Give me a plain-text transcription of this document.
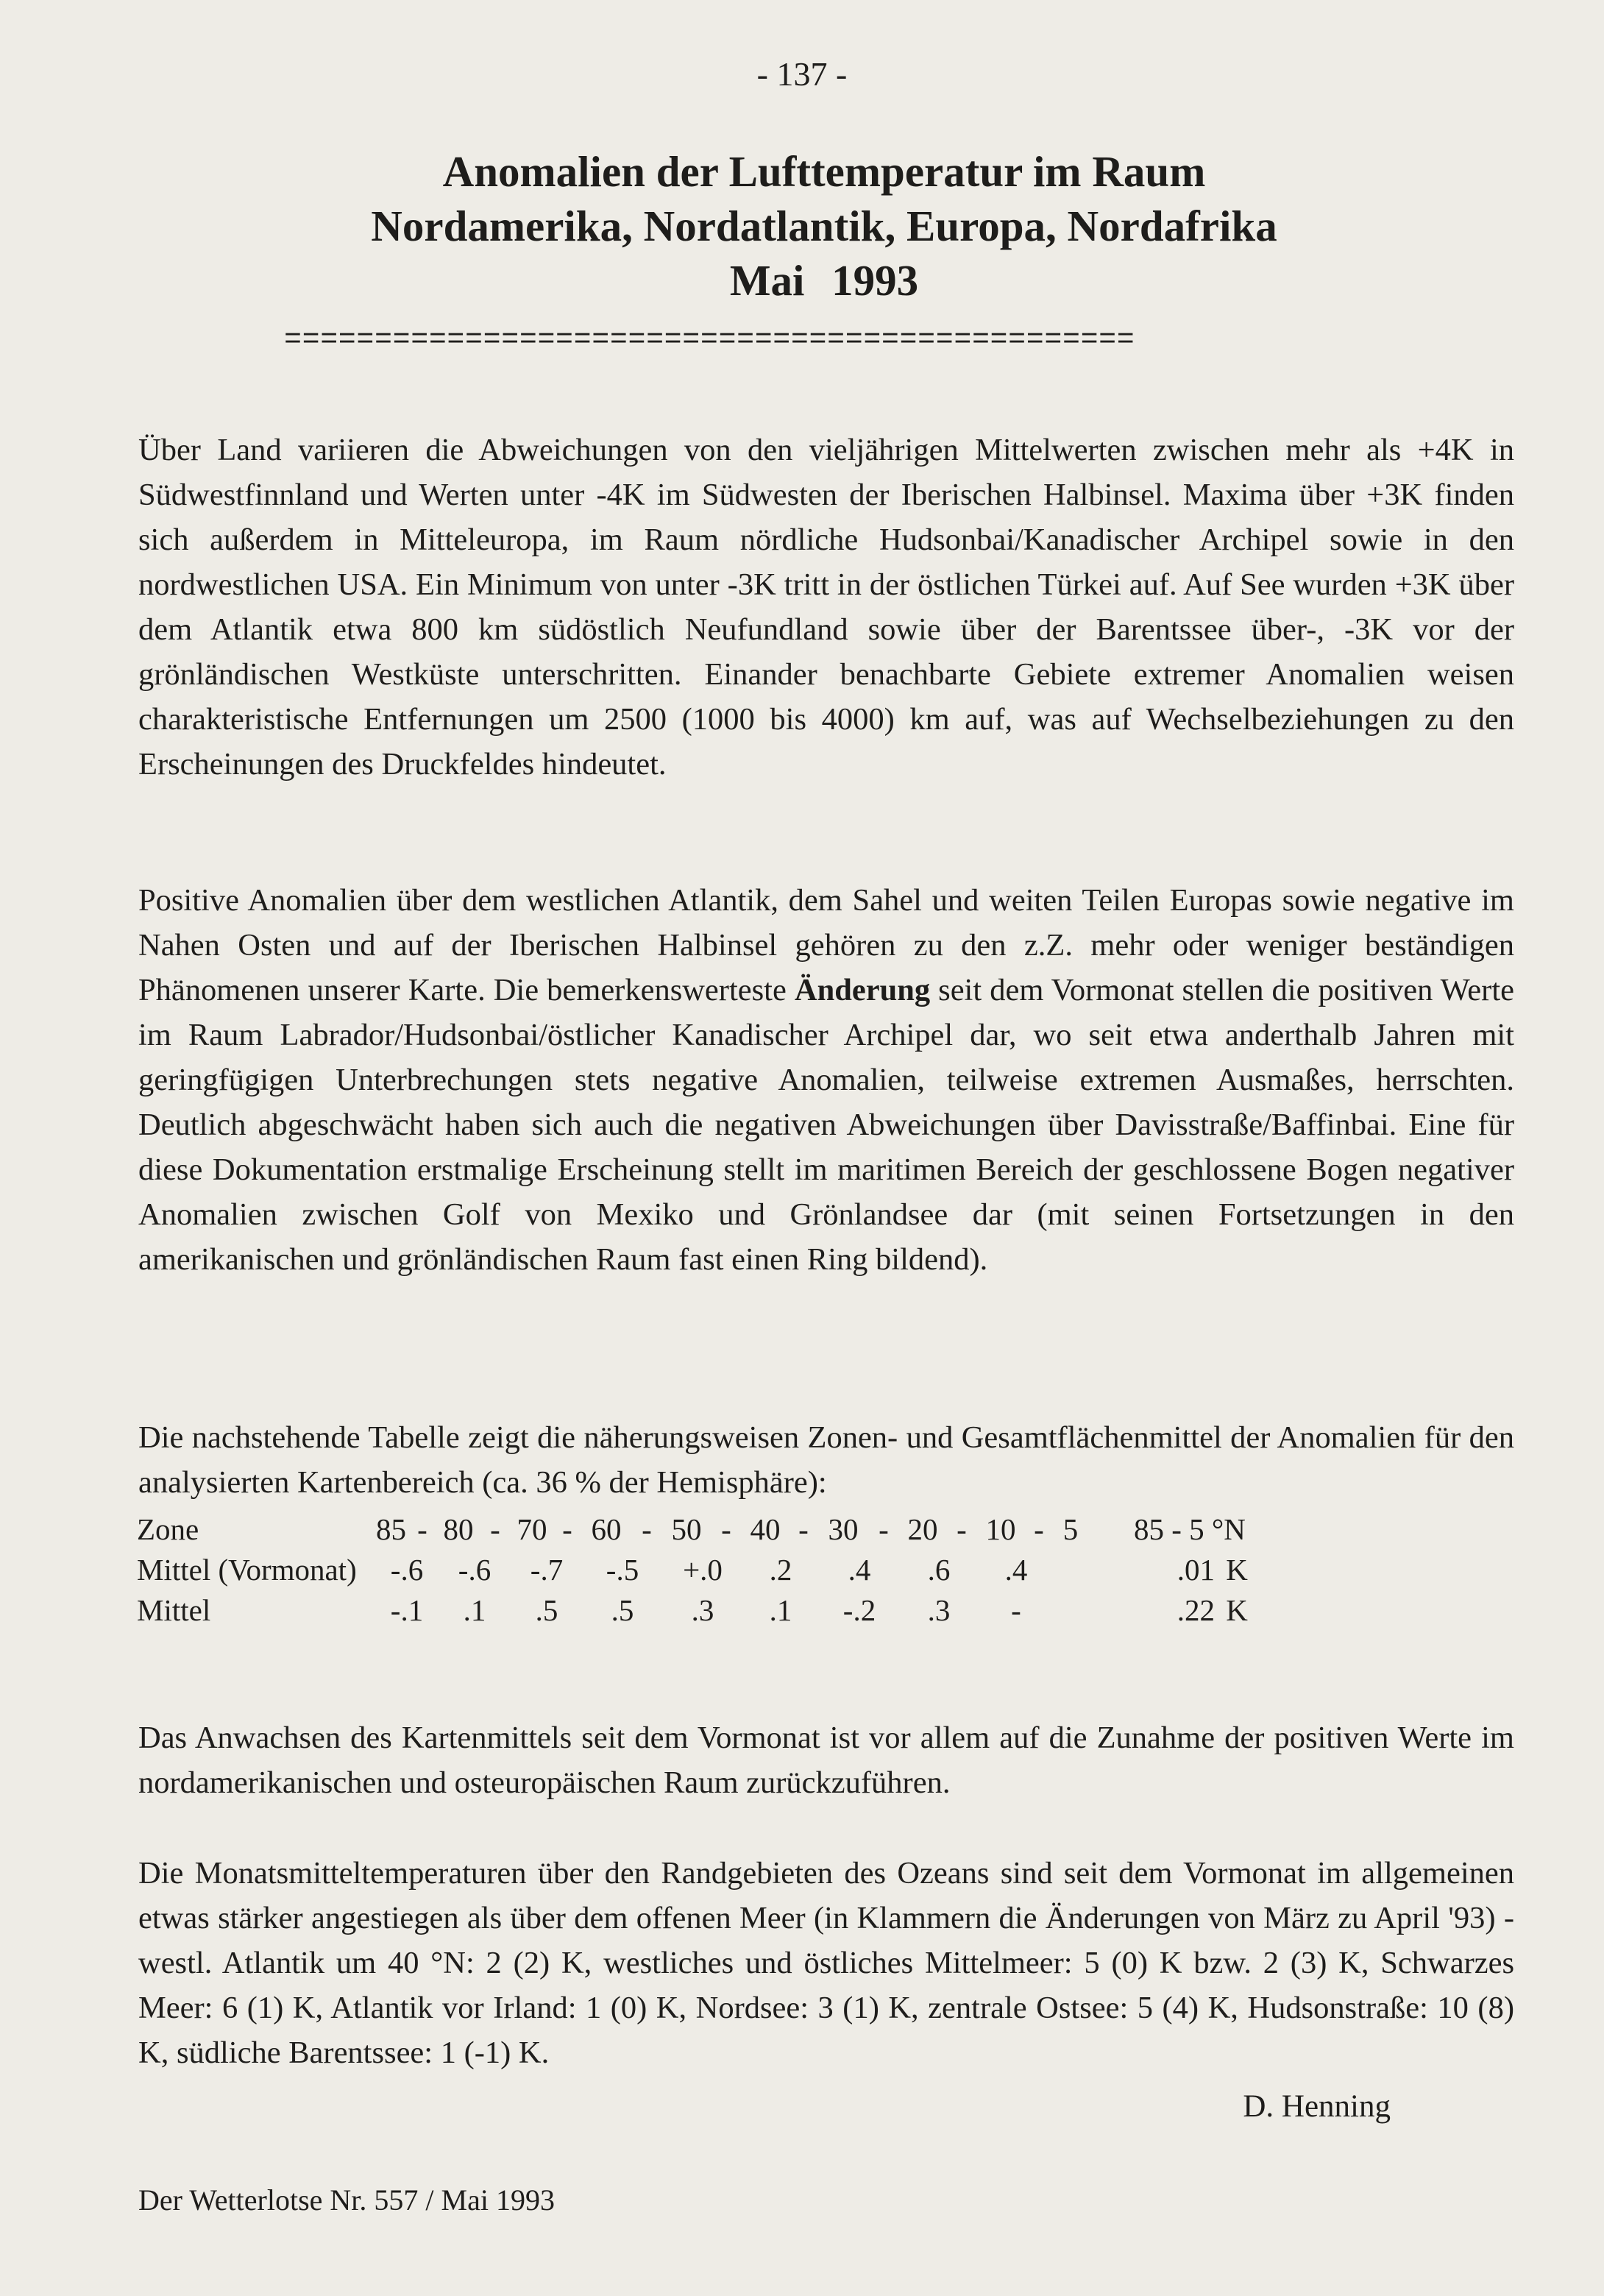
- 137 -
Anomalien der Lufttemperatur im Raum
Nordamerika, Nordatlantik, Europa, Nordafrika
Mai 1993
===============================================

Über Land variieren die Abweichungen von den vieljährigen Mittelwerten zwischen mehr als +4K in Südwestfinnland und Werten unter -4K im Südwesten der Iberischen Halbinsel. Maxima über +3K finden sich außerdem in Mitteleuropa, im Raum nördliche Hudsonbai/Kanadischer Archipel sowie in den nordwestlichen USA. Ein Minimum von unter -3K tritt in der östlichen Türkei auf. Auf See wurden +3K über dem Atlantik etwa 800 km südöstlich Neufundland sowie über der Barentssee über-, -3K vor der grönländischen Westküste unterschritten. Einander benachbarte Gebiete extremer Anomalien weisen charakteristische Entfernungen um 2500 (1000 bis 4000) km auf, was auf Wechselbeziehungen zu den Erscheinungen des Druckfeldes hindeutet.

Positive Anomalien über dem westlichen Atlantik, dem Sahel und weiten Teilen Europas sowie negative im Nahen Osten und auf der Iberischen Halbinsel gehören zu den z.Z. mehr oder weniger beständigen Phänomenen unserer Karte. Die bemerkenswerteste Änderung seit dem Vormonat stellen die positiven Werte im Raum Labrador/Hudsonbai/östlicher Kanadischer Archipel dar, wo seit etwa anderthalb Jahren mit geringfügigen Unterbrechungen stets negative Anomalien, teilweise extremen Ausmaßes, herrschten. Deutlich abgeschwächt haben sich auch die negativen Abweichungen über Davisstraße/Baffinbai. Eine für diese Dokumentation erstmalige Erscheinung stellt im maritimen Bereich der geschlossene Bogen negativer Anomalien zwischen Golf von Mexiko und Grönlandsee dar (mit seinen Fortsetzungen in den amerikanischen und grönländischen Raum fast einen Ring bildend).

Die nachstehende Tabelle zeigt die näherungsweisen Zonen- und Gesamtflächenmittel der Anomalien für den analysierten Kartenbereich (ca. 36 % der Hemisphäre):

Zone	85	-	80	-	70	-	60	-	50	-	40	-	30	-	20	-	10	-	5		85 - 5 °N	
Mittel (Vormonat)	-.6		-.6		-.7		-.5		+.0		.2		.4		.6		.4				.01	K
Mittel	-.1		.1		.5		.5		.3		.1		-.2		.3		-				.22	K

Das Anwachsen des Kartenmittels seit dem Vormonat ist vor allem auf die Zunahme der positiven Werte im nordamerikanischen und osteuropäischen Raum zurückzuführen.

Die Monatsmitteltemperaturen über den Randgebieten des Ozeans sind seit dem Vormonat im allgemeinen etwas stärker angestiegen als über dem offenen Meer (in Klammern die Änderungen von März zu April '93) - westl. Atlantik um 40 °N: 2 (2) K, westliches und östliches Mittelmeer: 5 (0) K bzw. 2 (3) K, Schwarzes Meer: 6 (1) K, Atlantik vor Irland: 1 (0) K, Nordsee: 3 (1) K, zentrale Ostsee: 5 (4) K, Hudsonstraße: 10 (8) K, südliche Barentssee: 1 (-1) K.

D. Henning
Der Wetterlotse Nr. 557 / Mai 1993
